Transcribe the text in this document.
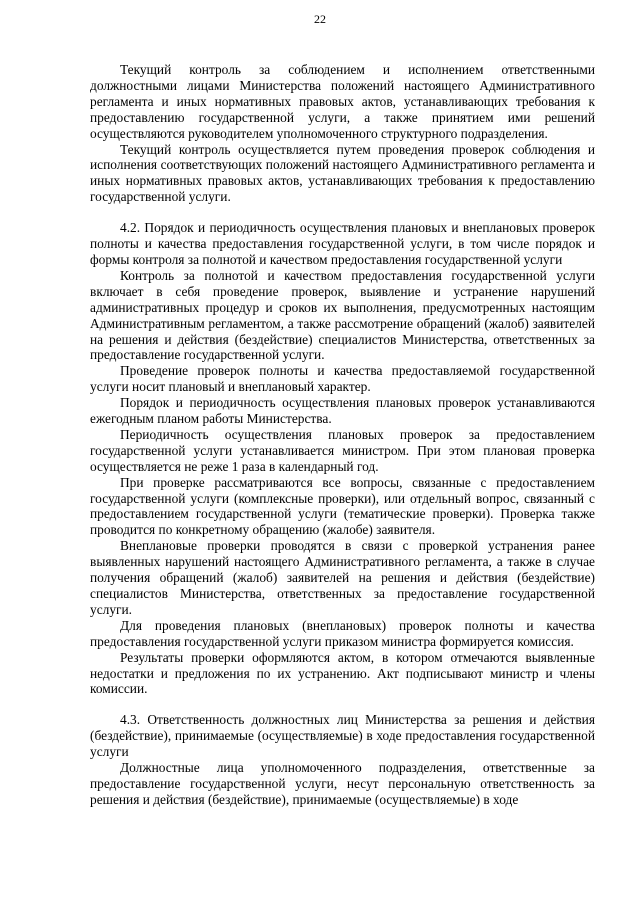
22

Текущий контроль за соблюдением и исполнением ответственными должностными лицами Министерства положений настоящего Административного регламента и иных нормативных правовых актов, устанавливающих требования к предоставлению государственной услуги, а также принятием ими решений осуществляются руководителем уполномоченного структурного подразделения.

Текущий контроль осуществляется путем проведения проверок соблюдения и исполнения соответствующих положений настоящего Административного регламента и иных нормативных правовых актов, устанавливающих требования к предоставлению государственной услуги.

4.2. Порядок и периодичность осуществления плановых и внеплановых проверок полноты и качества предоставления государственной услуги, в том числе порядок и формы контроля за полнотой и качеством предоставления государственной услуги

Контроль за полнотой и качеством предоставления государственной услуги включает в себя проведение проверок, выявление и устранение нарушений административных процедур и сроков их выполнения, предусмотренных настоящим Административным регламентом, а также рассмотрение обращений (жалоб) заявителей на решения и действия (бездействие) специалистов Министерства, ответственных за предоставление государственной услуги.

Проведение проверок полноты и качества предоставляемой государственной услуги носит плановый и внеплановый характер.

Порядок и периодичность осуществления плановых проверок устанавливаются ежегодным планом работы Министерства.

Периодичность осуществления плановых проверок за предоставлением государственной услуги устанавливается министром. При этом плановая проверка осуществляется не реже 1 раза в календарный год.

При проверке рассматриваются все вопросы, связанные с предоставлением государственной услуги (комплексные проверки), или отдельный вопрос, связанный с предоставлением государственной услуги (тематические проверки). Проверка также проводится по конкретному обращению (жалобе) заявителя.

Внеплановые проверки проводятся в связи с проверкой устранения ранее выявленных нарушений настоящего Административного регламента, а также в случае получения обращений (жалоб) заявителей на решения и действия (бездействие) специалистов Министерства, ответственных за предоставление государственной услуги.

Для проведения плановых (внеплановых) проверок полноты и качества предоставления государственной услуги приказом министра формируется комиссия.

Результаты проверки оформляются актом, в котором отмечаются выявленные недостатки и предложения по их устранению. Акт подписывают министр и члены комиссии.

4.3. Ответственность должностных лиц Министерства за решения и действия (бездействие), принимаемые (осуществляемые) в ходе предоставления государственной услуги

Должностные лица уполномоченного подразделения, ответственные за предоставление государственной услуги, несут персональную ответственность за решения и действия (бездействие), принимаемые (осуществляемые) в ходе
